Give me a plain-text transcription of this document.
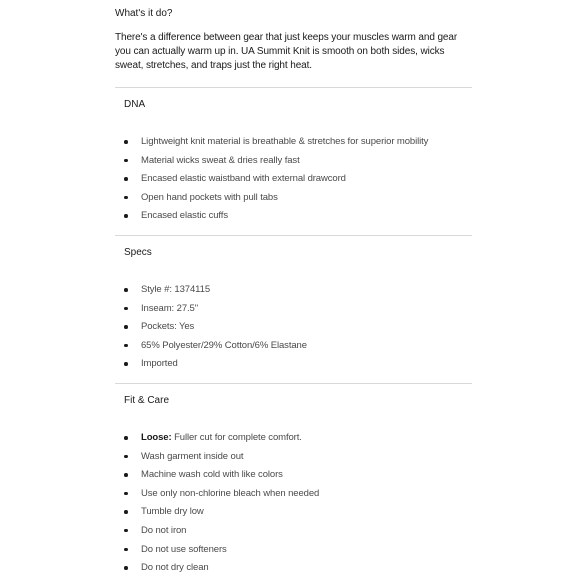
What's it do?
There's a difference between gear that just keeps your muscles warm and gear you can actually warm up in. UA Summit Knit is smooth on both sides, wicks sweat, stretches, and traps just the right heat.
DNA
Lightweight knit material is breathable & stretches for superior mobility
Material wicks sweat & dries really fast
Encased elastic waistband with external drawcord
Open hand pockets with pull tabs
Encased elastic cuffs
Specs
Style #: 1374115
Inseam: 27.5"
Pockets: Yes
65% Polyester/29% Cotton/6% Elastane
Imported
Fit & Care
Loose: Fuller cut for complete comfort.
Wash garment inside out
Machine wash cold with like colors
Use only non-chlorine bleach when needed
Tumble dry low
Do not iron
Do not use softeners
Do not dry clean
